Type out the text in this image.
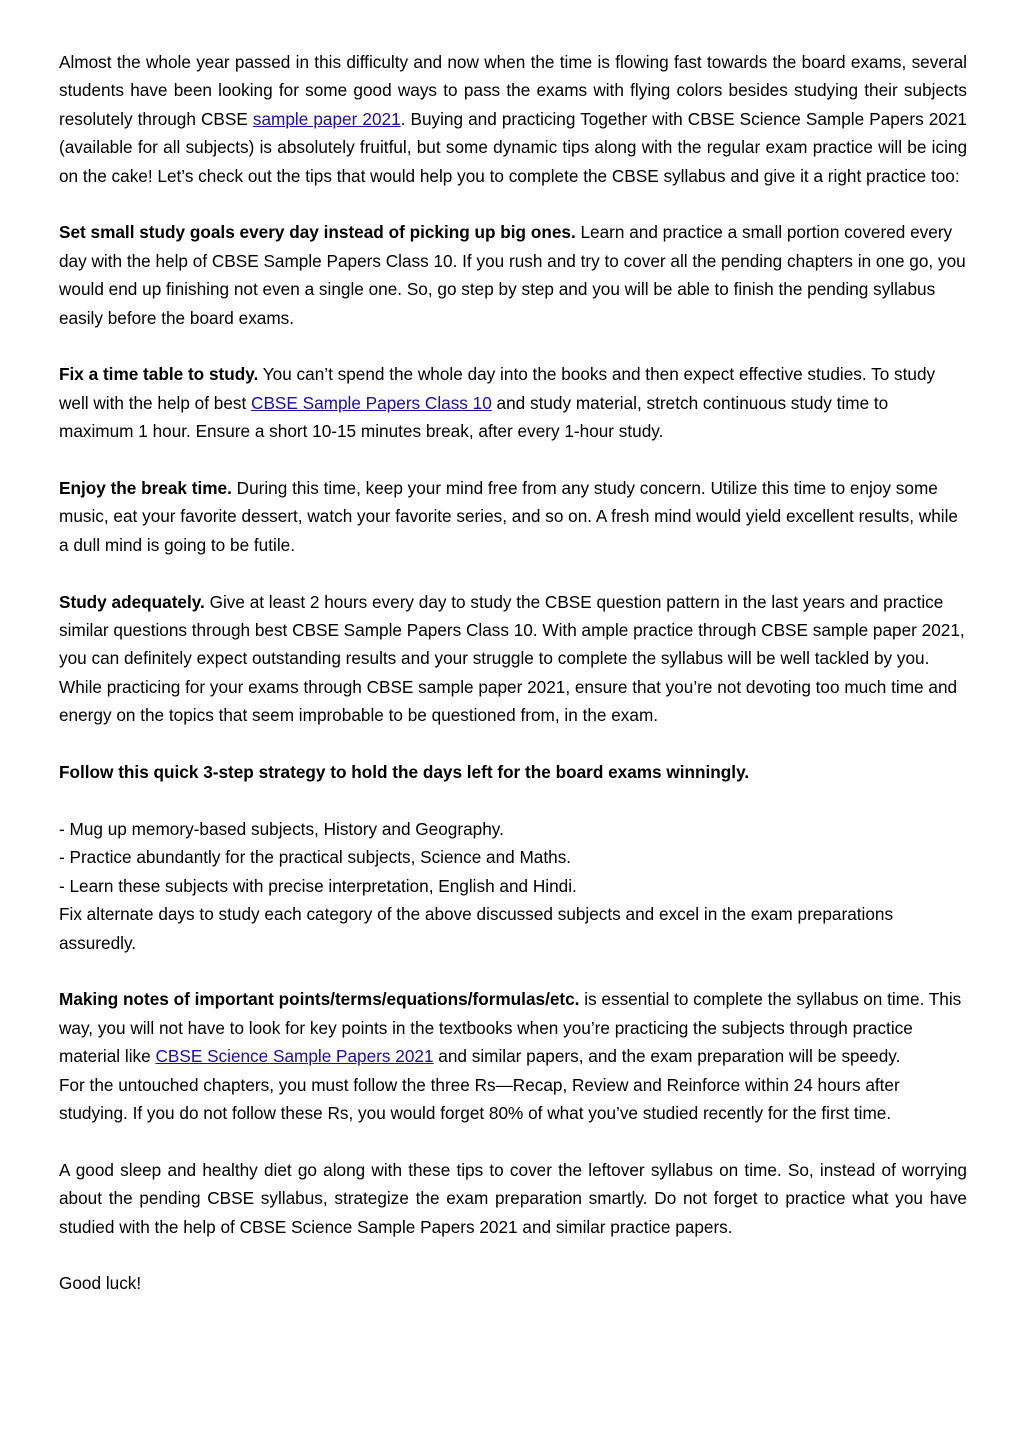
Almost the whole year passed in this difficulty and now when the time is flowing fast towards the board exams, several students have been looking for some good ways to pass the exams with flying colors besides studying their subjects resolutely through CBSE sample paper 2021. Buying and practicing Together with CBSE Science Sample Papers 2021 (available for all subjects) is absolutely fruitful, but some dynamic tips along with the regular exam practice will be icing on the cake! Let’s check out the tips that would help you to complete the CBSE syllabus and give it a right practice too:

Set small study goals every day instead of picking up big ones. Learn and practice a small portion covered every day with the help of CBSE Sample Papers Class 10. If you rush and try to cover all the pending chapters in one go, you would end up finishing not even a single one. So, go step by step and you will be able to finish the pending syllabus easily before the board exams.

Fix a time table to study. You can’t spend the whole day into the books and then expect effective studies. To study well with the help of best CBSE Sample Papers Class 10 and study material, stretch continuous study time to maximum 1 hour. Ensure a short 10-15 minutes break, after every 1-hour study.

Enjoy the break time. During this time, keep your mind free from any study concern. Utilize this time to enjoy some music, eat your favorite dessert, watch your favorite series, and so on. A fresh mind would yield excellent results, while a dull mind is going to be futile.

Study adequately. Give at least 2 hours every day to study the CBSE question pattern in the last years and practice similar questions through best CBSE Sample Papers Class 10. With ample practice through CBSE sample paper 2021, you can definitely expect outstanding results and your struggle to complete the syllabus will be well tackled by you. While practicing for your exams through CBSE sample paper 2021, ensure that you’re not devoting too much time and energy on the topics that seem improbable to be questioned from, in the exam.

Follow this quick 3-step strategy to hold the days left for the board exams winningly.

- Mug up memory-based subjects, History and Geography.

- Practice abundantly for the practical subjects, Science and Maths.

- Learn these subjects with precise interpretation, English and Hindi.

Fix alternate days to study each category of the above discussed subjects and excel in the exam preparations assuredly.

Making notes of important points/terms/equations/formulas/etc. is essential to complete the syllabus on time. This way, you will not have to look for key points in the textbooks when you’re practicing the subjects through practice material like CBSE Science Sample Papers 2021 and similar papers, and the exam preparation will be speedy.

For the untouched chapters, you must follow the three Rs—Recap, Review and Reinforce within 24 hours after studying. If you do not follow these Rs, you would forget 80% of what you’ve studied recently for the first time.

A good sleep and healthy diet go along with these tips to cover the leftover syllabus on time. So, instead of worrying about the pending CBSE syllabus, strategize the exam preparation smartly. Do not forget to practice what you have studied with the help of CBSE Science Sample Papers 2021 and similar practice papers.

Good luck!
